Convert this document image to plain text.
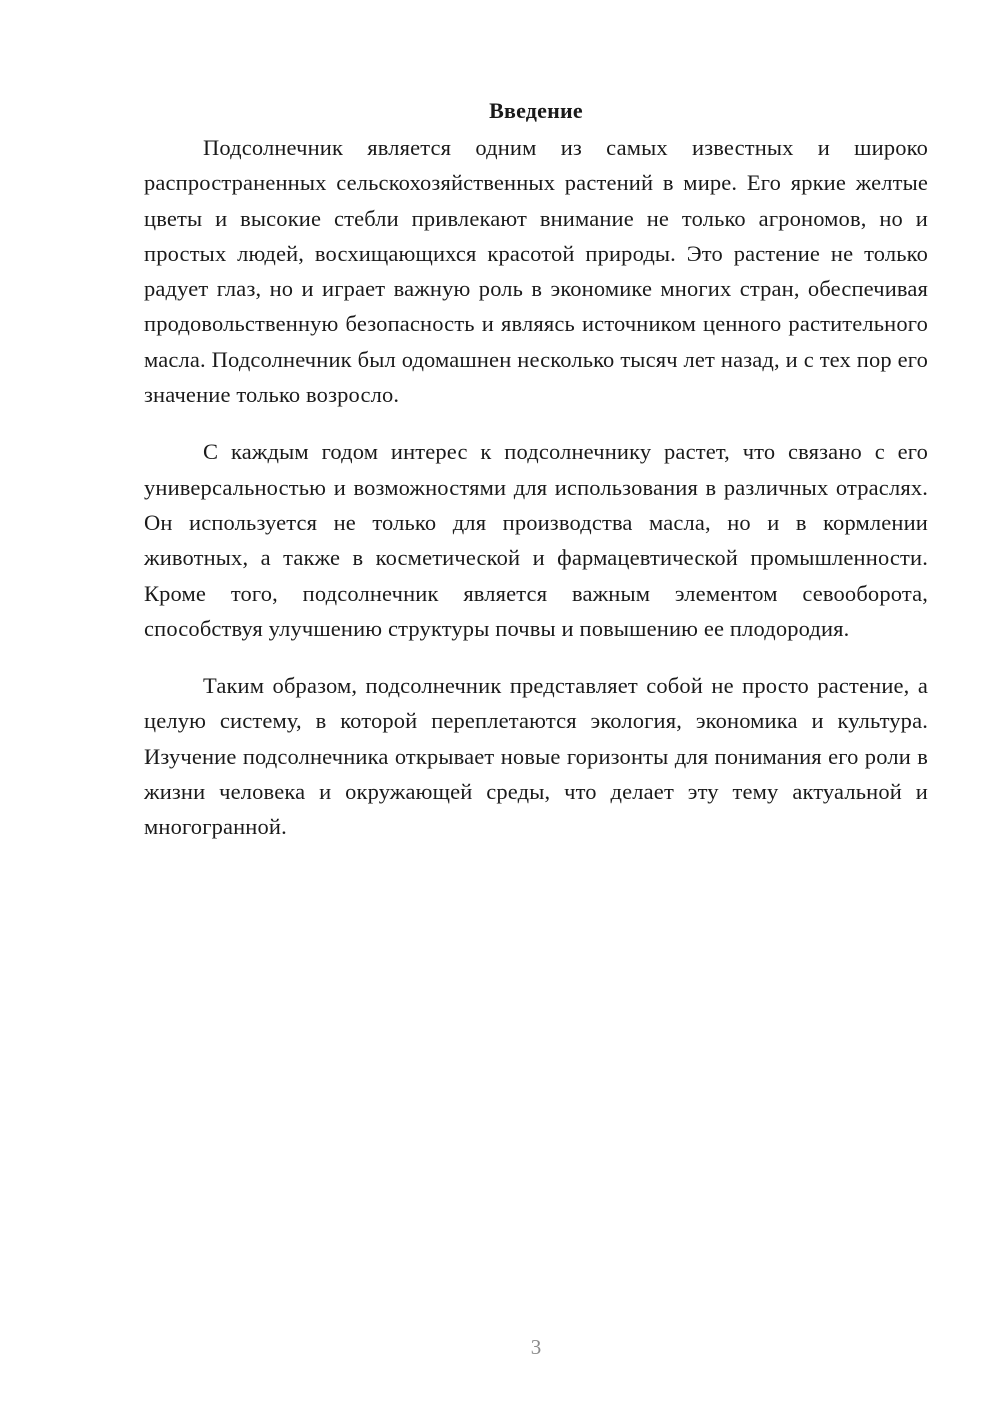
Введение

Подсолнечник является одним из самых известных и широко распространенных сельскохозяйственных растений в мире. Его яркие желтые цветы и высокие стебли привлекают внимание не только агрономов, но и простых людей, восхищающихся красотой природы. Это растение не только радует глаз, но и играет важную роль в экономике многих стран, обеспечивая продовольственную безопасность и являясь источником ценного растительного масла. Подсолнечник был одомашнен несколько тысяч лет назад, и с тех пор его значение только возросло.

С каждым годом интерес к подсолнечнику растет, что связано с его универсальностью и возможностями для использования в различных отраслях. Он используется не только для производства масла, но и в кормлении животных, а также в косметической и фармацевтической промышленности. Кроме того, подсолнечник является важным элементом севооборота, способствуя улучшению структуры почвы и повышению ее плодородия.

Таким образом, подсолнечник представляет собой не просто растение, а целую систему, в которой переплетаются экология, экономика и культура. Изучение подсолнечника открывает новые горизонты для понимания его роли в жизни человека и окружающей среды, что делает эту тему актуальной и многогранной.

3
